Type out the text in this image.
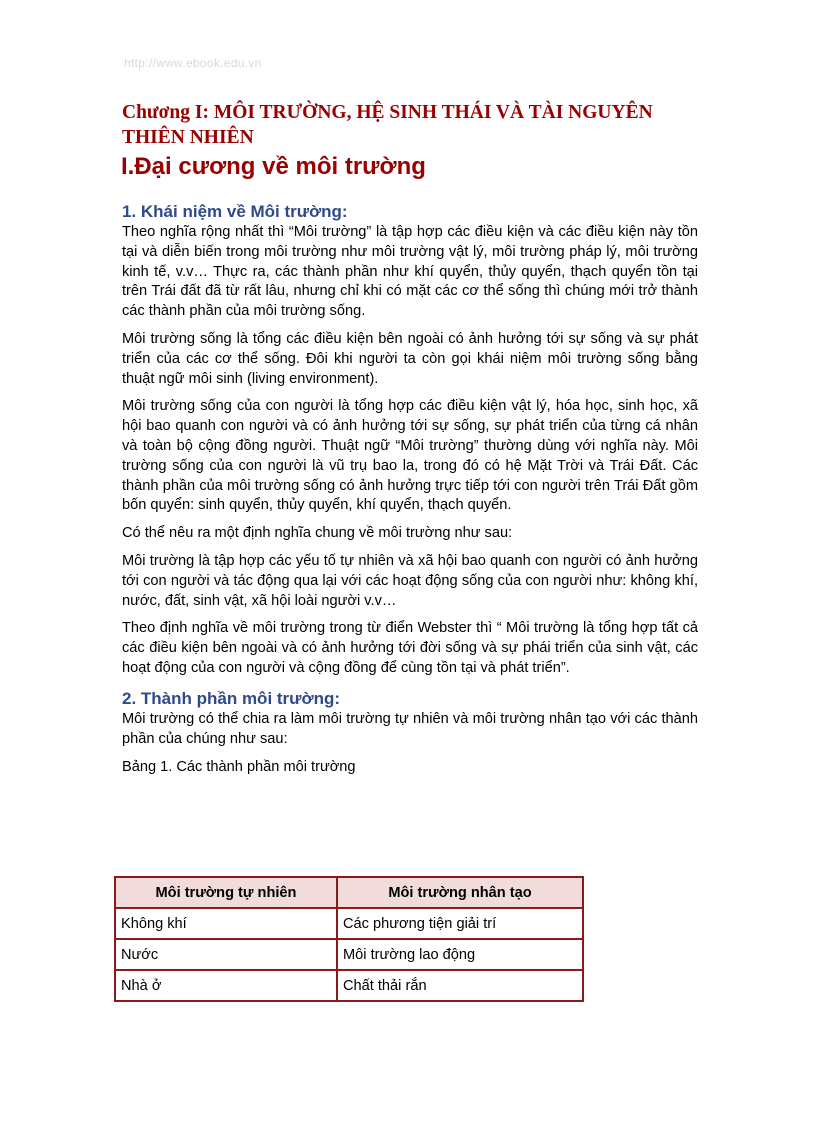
http://www.ebook.edu.vn
Chương I: MÔI TRƯỜNG, HỆ SINH THÁI VÀ TÀI NGUYÊN THIÊN NHIÊN
I.Đại cương về môi trường
1. Khái niệm về Môi trường:

Theo nghĩa rộng nhất thì “Môi trường” là tập hợp các điều kiện và các điều kiện này tồn tại và diễn biến trong môi trường như môi trường vật lý, môi trường pháp lý, môi trường kinh tế, v.v… Thực ra, các thành phần như khí quyển, thủy quyển, thạch quyển tồn tại trên Trái đất đã từ rất lâu, nhưng chỉ khi có mặt các cơ thể sống thì chúng mới trở thành các thành phần của môi trường sống.

Môi trường sống là tổng các điều kiện bên ngoài có ảnh hưởng tới sự sống và sự phát triển của các cơ thể sống. Đôi khi người ta còn gọi khái niệm môi trường sống bằng thuật ngữ môi sinh (living environment).

Môi trường sống của con người là tổng hợp các điều kiện vật lý, hóa học, sinh học, xã hội bao quanh con người và có ảnh hưởng tới sự sống, sự phát triển của từng cá nhân và toàn bộ cộng đồng người. Thuật ngữ “Môi trường” thường dùng với nghĩa này. Môi trường sống của con người là vũ trụ bao la, trong đó có hệ Mặt Trời và Trái Đất. Các thành phần của môi trường sống có ảnh hưởng trực tiếp tới con người trên Trái Đất gồm bốn quyển: sinh quyển, thủy quyển, khí quyển, thạch quyển.

Có thể nêu ra một định nghĩa chung về môi trường như sau:

Môi trường là tập hợp các yếu tố tự nhiên và xã hội bao quanh con người có ảnh hưởng tới con người và tác động qua lại với các hoạt động sống của con người như: không khí, nước, đất, sinh vật, xã hội loài người v.v…

Theo định nghĩa về môi trường trong từ điển Webster thì “ Môi trường là tổng hợp tất cả các điều kiện bên ngoài và có ảnh hưởng tới đời sống và sự phái triển của sinh vật, các hoạt động của con người và cộng đồng để cùng tồn tại và phát triển”.

2. Thành phần môi trường:

Môi trường có thể chia ra làm môi trường tự nhiên và môi trường nhân tạo với các thành phần của chúng như sau:

Bảng 1. Các thành phần môi trường

Môi trường tự nhiên	Môi trường nhân tạo
Không khí	Các phương tiện giải trí
Nước	Môi trường lao động
Nhà ở	Chất thải rắn
